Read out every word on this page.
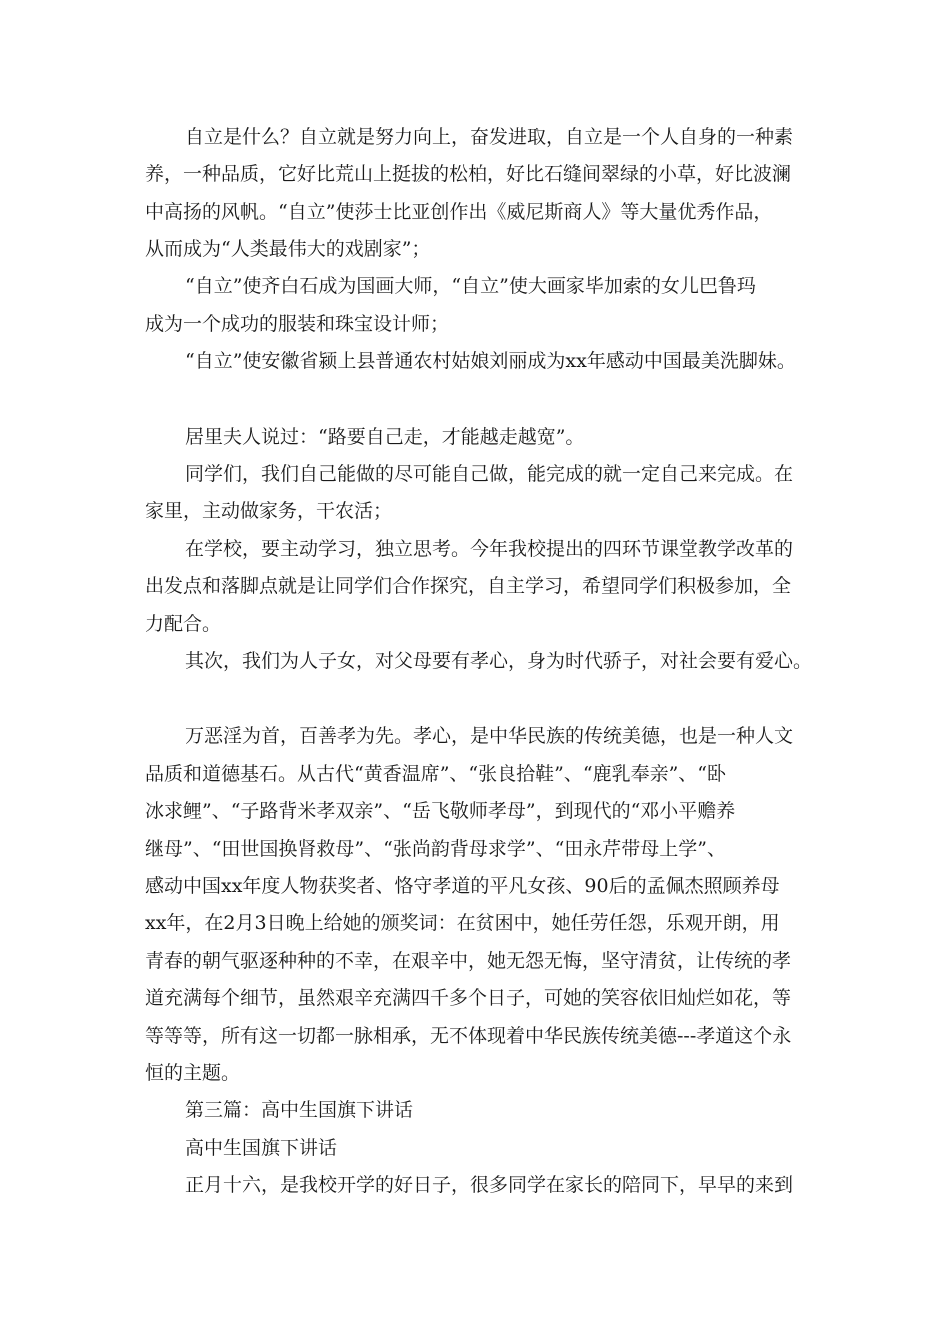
自立是什么？自立就是努力向上，奋发进取，自立是一个人自身的一种素
养，一种品质，它好比荒山上挺拔的松柏，好比石缝间翠绿的小草，好比波澜
中高扬的风帆。“自立”使莎士比亚创作出《威尼斯商人》等大量优秀作品，
从而成为“人类最伟大的戏剧家”；
“自立”使齐白石成为国画大师，“自立”使大画家毕加索的女儿巴鲁玛
成为一个成功的服装和珠宝设计师；
“自立”使安徽省颍上县普通农村姑娘刘丽成为xx年感动中国最美洗脚妹。
居里夫人说过：“路要自己走，才能越走越宽”。
同学们，我们自己能做的尽可能自己做，能完成的就一定自己来完成。在
家里，主动做家务，干农活；
在学校，要主动学习，独立思考。今年我校提出的四环节课堂教学改革的
出发点和落脚点就是让同学们合作探究，自主学习，希望同学们积极参加，全
力配合。
其次，我们为人子女，对父母要有孝心，身为时代骄子，对社会要有爱心。
万恶淫为首，百善孝为先。孝心，是中华民族的传统美德，也是一种人文
品质和道德基石。从古代“黄香温席”、“张良拾鞋”、“鹿乳奉亲”、“卧
冰求鲤”、“子路背米孝双亲”、“岳飞敬师孝母”，到现代的“邓小平赡养
继母”、“田世国换肾救母”、“张尚韵背母求学”、“田永芹带母上学”、
感动中国xx年度人物获奖者、恪守孝道的平凡女孩、90后的孟佩杰照顾养母
xx年，在2月3日晚上给她的颁奖词：在贫困中，她任劳任怨，乐观开朗，用
青春的朝气驱逐种种的不幸，在艰辛中，她无怨无悔，坚守清贫，让传统的孝
道充满每个细节，虽然艰辛充满四千多个日子，可她的笑容依旧灿烂如花，等
等等等，所有这一切都一脉相承，无不体现着中华民族传统美德---孝道这个永
恒的主题。
第三篇：高中生国旗下讲话
高中生国旗下讲话
正月十六，是我校开学的好日子，很多同学在家长的陪同下，早早的来到
